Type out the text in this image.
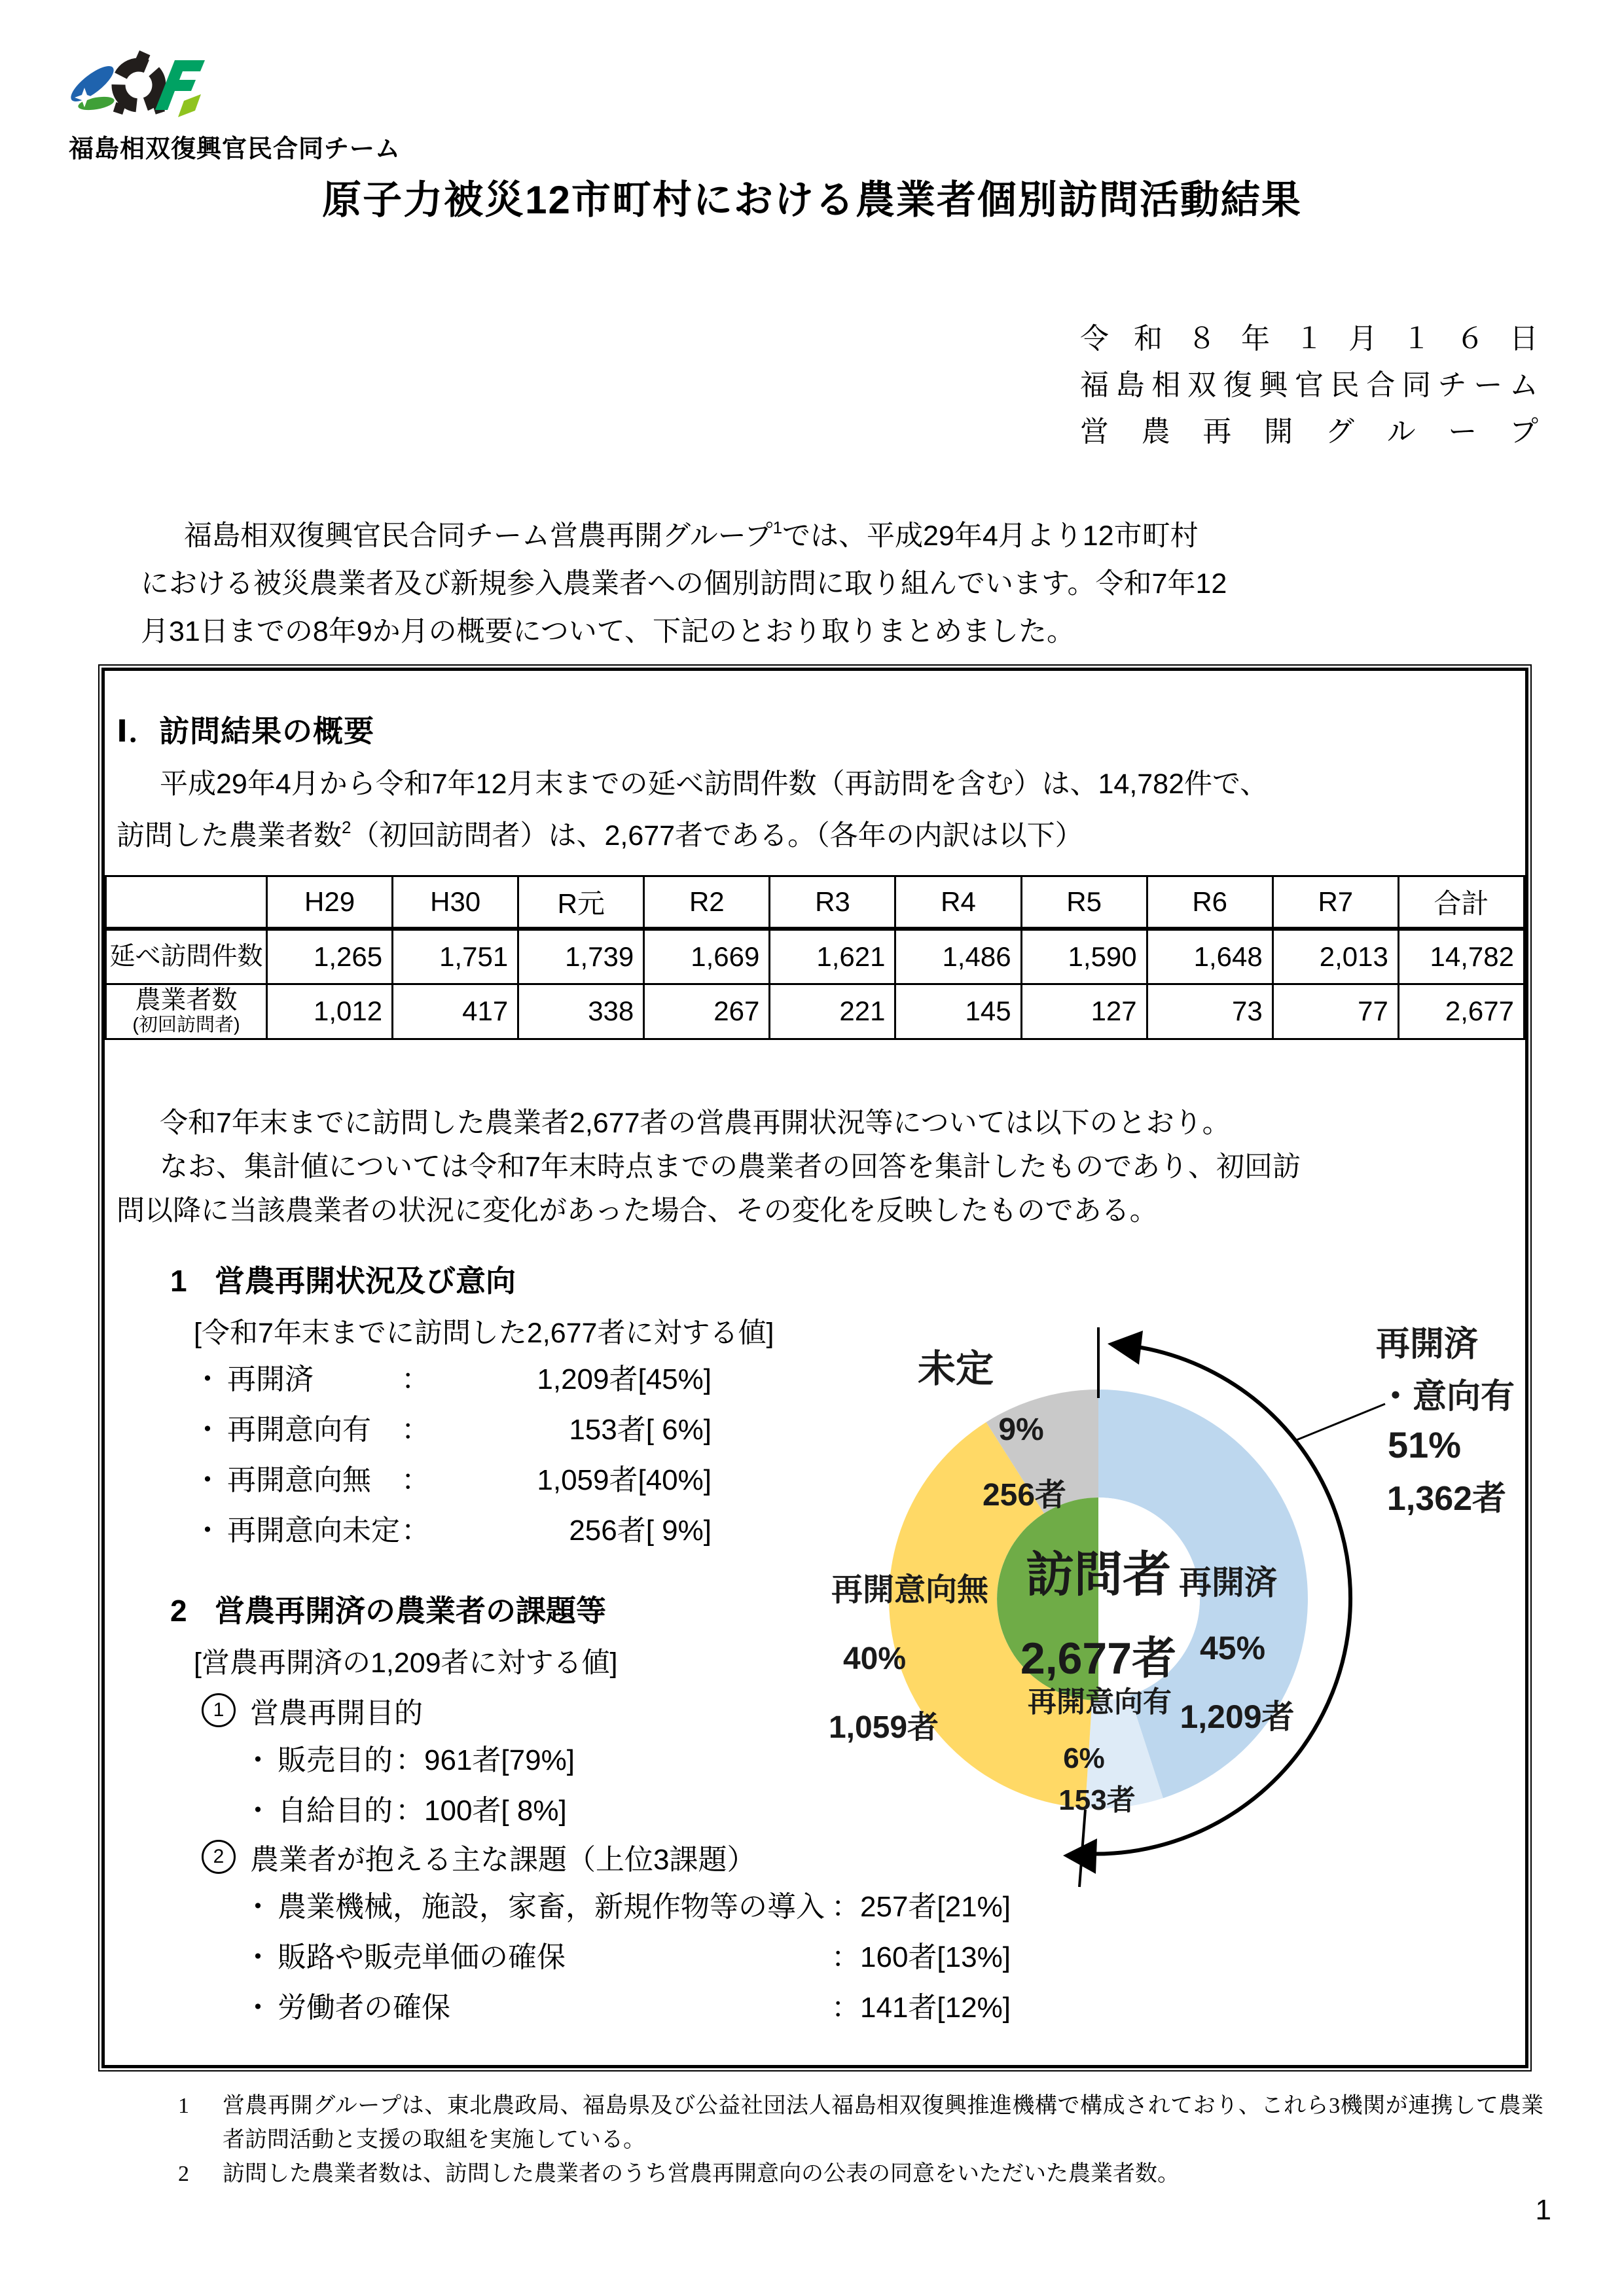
福島相双復興官民合同チーム
原子力被災12市町村における農業者個別訪問活動結果
令 和 ８ 年 １ 月 １ ６ 日
福島相双復興官民合同チーム
営 農 再 開 グ ル ー プ
福島相双復興官民合同チーム営農再開グループ$^1$では、平成29年4月より12市町村
における被災農業者及び新規参入農業者への個別訪問に取り組んでいます。令和7年12
月31日までの8年9か月の概要について、下記のとおり取りまとめました。
Ⅰ．訪問結果の概要
平成29年4月から令和7年12月末までの延べ訪問件数（再訪問を含む）は、14,782件で、
訪問した農業者数$^2$（初回訪問者）は、2,677者である。（各年の内訳は以下）
	H29	H30	R元	R2	R3	R4	R5	R6	R7	合計

延べ訪問件数	1,265	1,751	1,739	1,669	1,621	1,486	1,590	1,648	2,013	14,782

農業者数
(初回訪問者)	1,012	417	338	267	221	145	127	73	77	2,677
令和7年末までに訪問した農業者2,677者の営農再開状況等については以下のとおり。
なお、集計値については令和7年末時点までの農業者の回答を集計したものであり、初回訪
問以降に当該農業者の状況に変化があった場合、その変化を反映したものである。
1 営農再開状況及び意向
[令和7年末までに訪問した2,677者に対する値]
・ 再開済	：	1,209者[45%]
・ 再開意向有	：	153者[ 6%]
・ 再開意向無	：	1,059者[40%]
・ 再開意向未定 ：	256者[ 9%]
未定
9%
256者
再開意向無
40%
1,059者
再開済
45%
1,209者
再開意向有
6%
153者
訪問者
2,677者
再開済
・意向有
51%
1,362者
2 営農再開済の農業者の課題等
[営農再開済の1,209者に対する値]
1 営農再開目的
・ 販売目的 ： 961者[79%]
・ 自給目的 ： 100者[ 8%]
2 農業者が抱える主な課題（上位3課題）
・ 農業機械，施設，家畜，新規作物等の導入 ： 257者[21%]
・ 販路や販売単価の確保	： 160者[13%]
・ 労働者の確保	： 141者[12%]
1	営農再開グループは、東北農政局、福島県及び公益社団法人福島相双復興推進機構で構成されており、これら3機関が連携して農業者訪問活動と支援の取組を実施している。
2	訪問した農業者数は、訪問した農業者のうち営農再開意向の公表の同意をいただいた農業者数。
1
